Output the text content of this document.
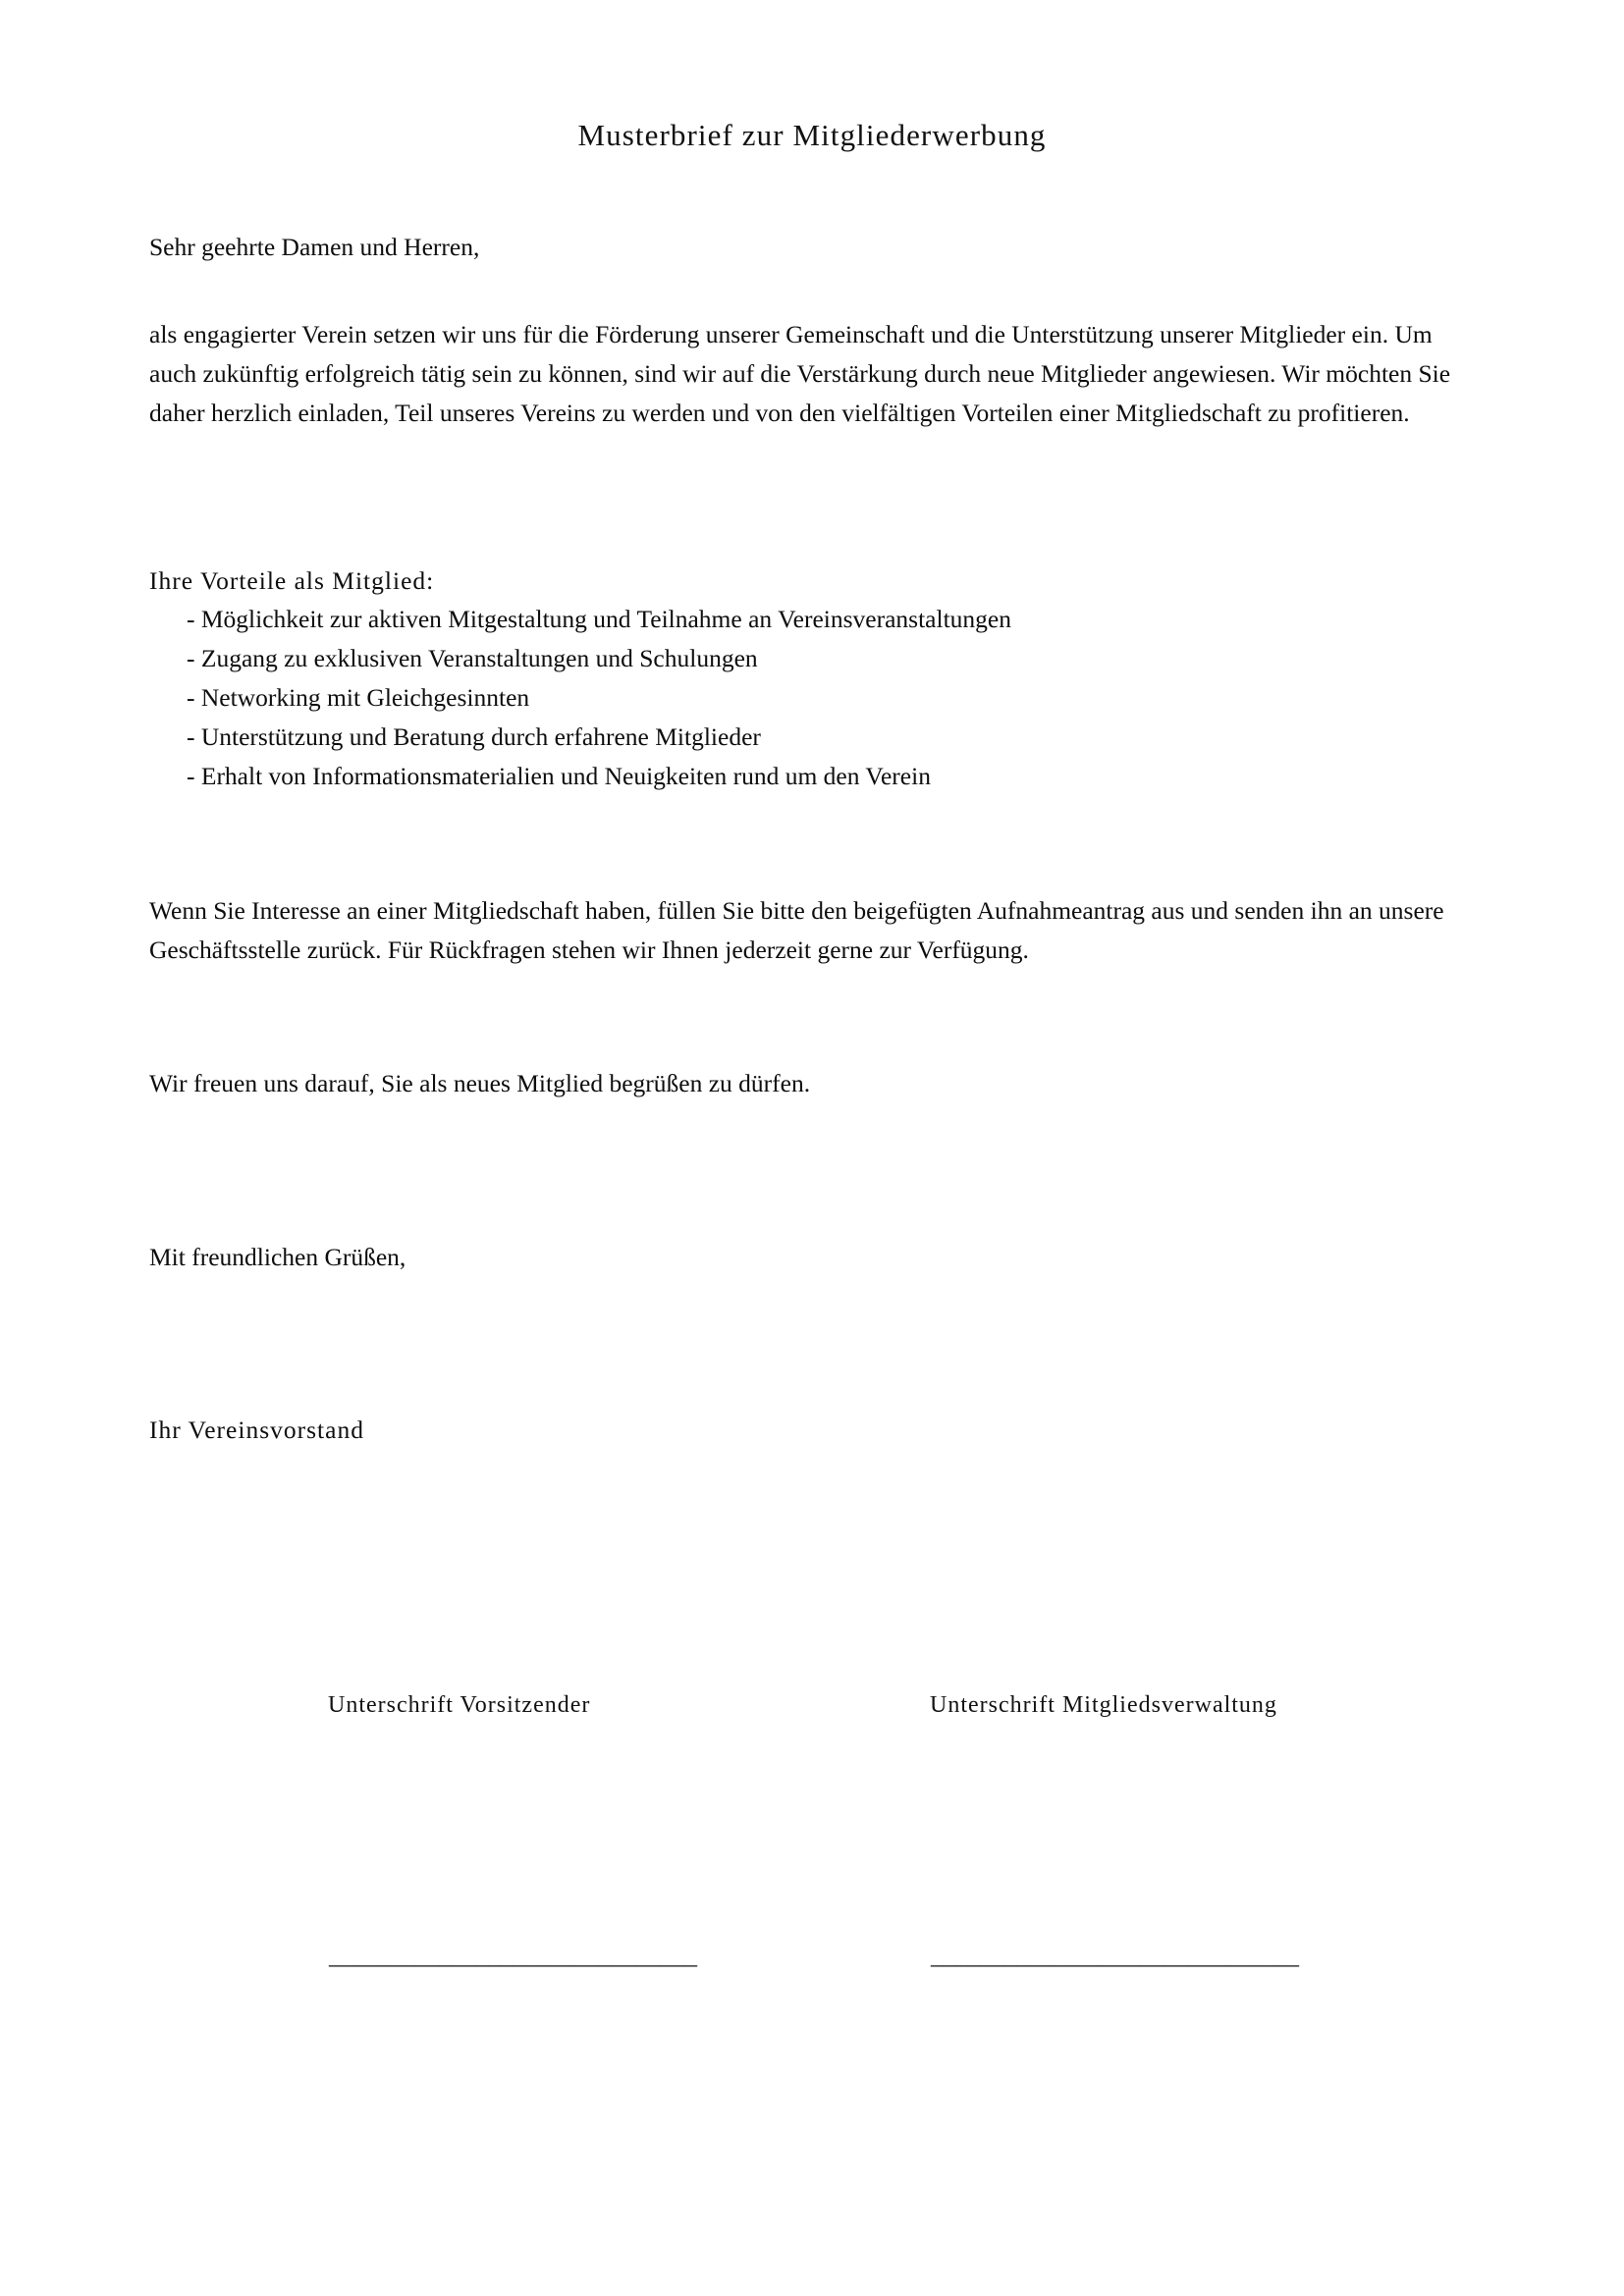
Musterbrief zur Mitgliederwerbung
Sehr geehrte Damen und Herren,
als engagierter Verein setzen wir uns für die Förderung unserer Gemeinschaft und die Unterstützung unserer Mitglieder ein. Um auch zukünftig erfolgreich tätig sein zu können, sind wir auf die Verstärkung durch neue Mitglieder angewiesen. Wir möchten Sie daher herzlich einladen, Teil unseres Vereins zu werden und von den vielfältigen Vorteilen einer Mitgliedschaft zu profitieren.
Ihre Vorteile als Mitglied:
- Möglichkeit zur aktiven Mitgestaltung und Teilnahme an Vereinsveranstaltungen
- Zugang zu exklusiven Veranstaltungen und Schulungen
- Networking mit Gleichgesinnten
- Unterstützung und Beratung durch erfahrene Mitglieder
- Erhalt von Informationsmaterialien und Neuigkeiten rund um den Verein
Wenn Sie Interesse an einer Mitgliedschaft haben, füllen Sie bitte den beigefügten Aufnahmeantrag aus und senden ihn an unsere Geschäftsstelle zurück. Für Rückfragen stehen wir Ihnen jederzeit gerne zur Verfügung.
Wir freuen uns darauf, Sie als neues Mitglied begrüßen zu dürfen.
Mit freundlichen Grüßen,
Ihr Vereinsvorstand
Unterschrift Vorsitzender
______________________________
Unterschrift Mitgliedsverwaltung
______________________________
